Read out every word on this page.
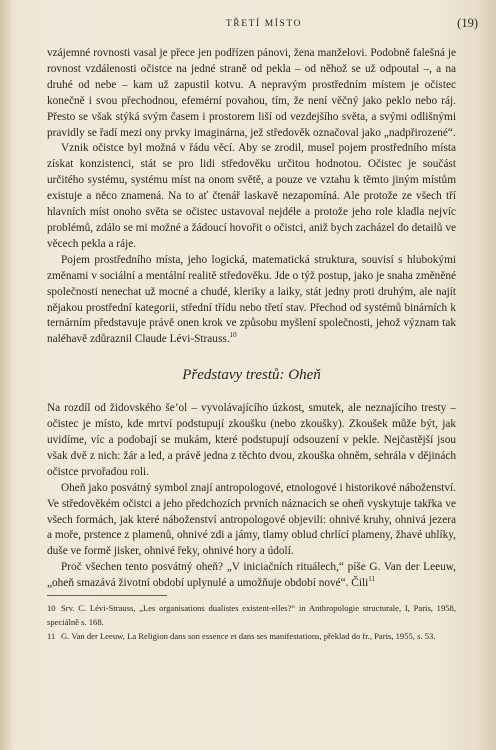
TŘETÍ MÍSTO	(19)

vzájemné rovnosti vasal je přece jen podřízen pánovi, žena manželovi. Podobně falešná je rovnost vzdálenosti očistce na jedné straně od pekla – od něhož se už odpoutal –, a na druhé od nebe – kam už zapustil kotvu. A nepravým prostředním místem je očistec konečně i svou přechodnou, efemérní povahou, tím, že není věčný jako peklo nebo ráj. Přesto se však stýká svým časem i prostorem liší od vezdejšího světa, a svými odlišnými pravidly se řadí mezi ony prvky imaginárna, jež středověk označoval jako „nadpřirozené“.

Vznik očistce byl možná v řádu věcí. Aby se zrodil, musel pojem prostředního místa získat konzistenci, stát se pro lidi středověku určitou hodnotou. Očistec je součást určitého systému, systému míst na onom světě, a pouze ve vztahu k těmto jiným místům existuje a něco znamená. Na to ať čtenář laskavě nezapomíná. Ale protože ze všech tří hlavních míst onoho světa se očistec ustavoval nejdéle a protože jeho role kladla nejvíc problémů, zdálo se mi možné a žádoucí hovořit o očistci, aniž bych zacházel do detailů ve věcech pekla a ráje.

Pojem prostředního místa, jeho logická, matematická struktura, souvisí s hlubokými změnami v sociální a mentální realitě středověku. Jde o týž postup, jako je snaha změněné společnosti nenechat už mocné a chudé, kleriky a laiky, stát jedny proti druhým, ale najít nějakou prostřední kategorii, střední třídu nebo třetí stav. Přechod od systémů binárních k ternárním představuje právě onen krok ve způsobu myšlení společnosti, jehož význam tak naléhavě zdůraznil Claude Lévi-Strauss.$^{10}$

Představy trestů: Oheň

Na rozdíl od židovského še’ol – vyvolávajícího úzkost, smutek, ale neznajícího tresty – očistec je místo, kde mrtví podstupují zkoušku (nebo zkoušky). Zkoušek může být, jak uvidíme, víc a podobají se mukám, které podstupují odsouzení v pekle. Nejčastější jsou však dvě z nich: žár a led, a právě jedna z těchto dvou, zkouška ohněm, sehrála v dějinách očistce prvořadou roli.

Oheň jako posvátný symbol znají antropologové, etnologové i historikové náboženství. Ve středověkém očistci a jeho předchozích prvních náznacích se oheň vyskytuje takřka ve všech formách, jak které náboženství antropologové objevili: ohnivé kruhy, ohnivá jezera a moře, prstence z plamenů, ohnivé zdi a jámy, tlamy oblud chrlící plameny, žhavé uhlíky, duše ve formě jisker, ohnivé řeky, ohnivé hory a údolí.

Proč všechen tento posvátný oheň? „V iniciačních rituálech,“ píše G. Van der Leeuw, „oheň smazává životní období uplynulé a umožňuje období nové“. Čili$^{11}$

10 Srv. C. Lévi-Strauss, „Les organisations dualistes existent-elles?“ in Anthropologie structurale, I, Paris, 1958, speciálně s. 168.

11 G. Van der Leeuw, La Religion dans son essence et dans ses manifestations, překlad do fr., Paris, 1955, s. 53.
